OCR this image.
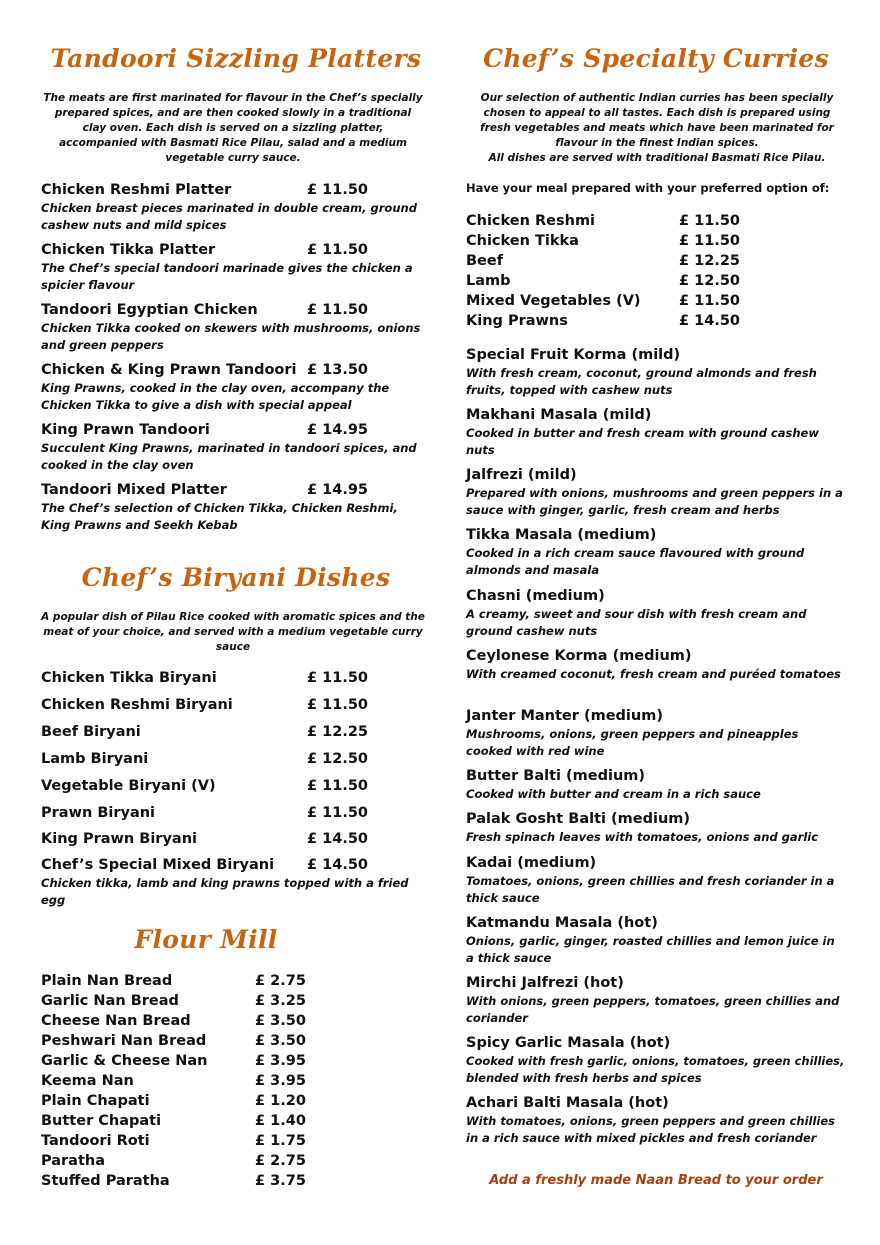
Tandoori Sizzling Platters

The meats are first marinated for flavour in the Chef’s specially prepared spices, and are then cooked slowly in a traditional clay oven. Each dish is served on a sizzling platter, accompanied with Basmati Rice Pilau, salad and a medium vegetable curry sauce.

Chicken Reshmi Platter	£ 11.50
Chicken breast pieces marinated in double cream, ground cashew nuts and mild spices
Chicken Tikka Platter	£ 11.50
The Chef’s special tandoori marinade gives the chicken a spicier flavour
Tandoori Egyptian Chicken	£ 11.50
Chicken Tikka cooked on skewers with mushrooms, onions and green peppers
Chicken & King Prawn Tandoori £ 13.50
King Prawns, cooked in the clay oven, accompany the Chicken Tikka to give a dish with special appeal
King Prawn Tandoori	£ 14.95
Succulent King Prawns, marinated in tandoori spices, and cooked in the clay oven
Tandoori Mixed Platter	£ 14.95
The Chef’s selection of Chicken Tikka, Chicken Reshmi, King Prawns and Seekh Kebab
Chef’s Biryani Dishes

A popular dish of Pilau Rice cooked with aromatic spices and the meat of your choice, and served with a medium vegetable curry sauce

Chicken Tikka Biryani	£ 11.50
Chicken Reshmi Biryani	£ 11.50
Beef Biryani	£ 12.25
Lamb Biryani	£ 12.50
Vegetable Biryani (V)	£ 11.50
Prawn Biryani	£ 11.50
King Prawn Biryani	£ 14.50
Chef’s Special Mixed Biryani £ 14.50
Chicken tikka, lamb and king prawns topped with a fried egg
Flour Mill
Plain Nan Bread	£ 2.75
Garlic Nan Bread	£ 3.25
Cheese Nan Bread	£ 3.50
Peshwari Nan Bread	£ 3.50
Garlic & Cheese Nan	£ 3.95
Keema Nan	£ 3.95
Plain Chapati	£ 1.20
Butter Chapati	£ 1.40
Tandoori Roti	£ 1.75
Paratha	£ 2.75
Stuffed Paratha	£ 3.75
Chef’s Specialty Curries

Our selection of authentic Indian curries has been specially chosen to appeal to all tastes. Each dish is prepared using fresh vegetables and meats which have been marinated for flavour in the finest Indian spices.

All dishes are served with traditional Basmati Rice Pilau.

Have your meal prepared with your preferred option of:
Chicken Reshmi	£ 11.50
Chicken Tikka	£ 11.50
Beef	£ 12.25
Lamb	£ 12.50
Mixed Vegetables (V)	£ 11.50
King Prawns	£ 14.50
Special Fruit Korma (mild)
With fresh cream, coconut, ground almonds and fresh fruits, topped with cashew nuts
Makhani Masala (mild)
Cooked in butter and fresh cream with ground cashew nuts
Jalfrezi (mild)
Prepared with onions, mushrooms and green peppers in a sauce with ginger, garlic, fresh cream and herbs
Tikka Masala (medium)
Cooked in a rich cream sauce flavoured with ground almonds and masala
Chasni (medium)
A creamy, sweet and sour dish with fresh cream and ground cashew nuts
Ceylonese Korma (medium)
With creamed coconut, fresh cream and puréed tomatoes
Janter Manter (medium)
Mushrooms, onions, green peppers and pineapples cooked with red wine
Butter Balti (medium)
Cooked with butter and cream in a rich sauce
Palak Gosht Balti (medium)
Fresh spinach leaves with tomatoes, onions and garlic
Kadai (medium)
Tomatoes, onions, green chillies and fresh coriander in a thick sauce
Katmandu Masala (hot)
Onions, garlic, ginger, roasted chillies and lemon juice in a thick sauce
Mirchi Jalfrezi (hot)
With onions, green peppers, tomatoes, green chillies and coriander
Spicy Garlic Masala (hot)
Cooked with fresh garlic, onions, tomatoes, green chillies, blended with fresh herbs and spices
Achari Balti Masala (hot)
With tomatoes, onions, green peppers and green chillies in a rich sauce with mixed pickles and fresh coriander
Add a freshly made Naan Bread to your order
